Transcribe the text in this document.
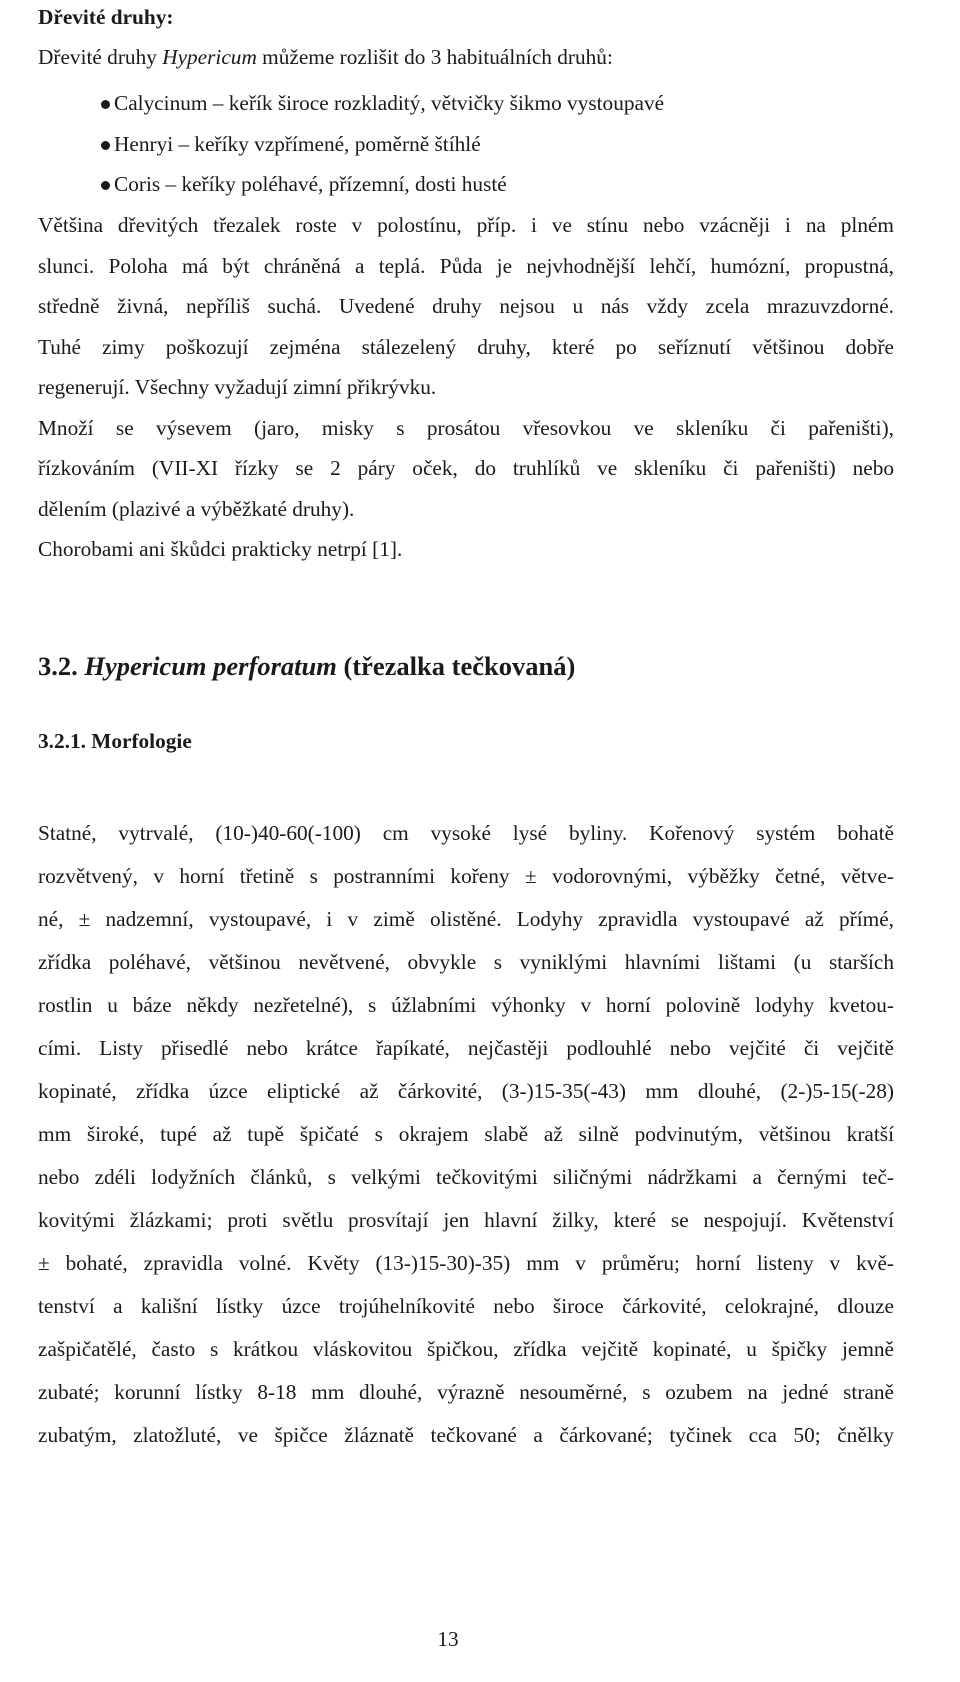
Dřevité druhy:
Dřevité druhy Hypericum můžeme rozlišit do 3 habituálních druhů:
Calycinum – keřík široce rozkladitý, větvičky šikmo vystoupavé
Henryi – keříky vzpřímené, poměrně štíhlé
Coris – keříky poléhavé, přízemní, dosti husté
Většina dřevitých třezalek roste v polostínu, příp. i ve stínu nebo vzácněji i na plném
slunci. Poloha má být chráněná a teplá. Půda je nejvhodnější lehčí, humózní, propustná,
středně živná, nepříliš suchá. Uvedené druhy nejsou u nás vždy zcela mrazuvzdorné.
Tuhé zimy poškozují zejména stálezelený druhy, které po seříznutí většinou dobře
regenerují. Všechny vyžadují zimní přikrývku.
Množí se výsevem (jaro, misky s prosátou vřesovkou ve skleníku či pařeništi),
řízkováním (VII-XI řízky se 2 páry oček, do truhlíků ve skleníku či pařeništi) nebo
dělením (plazivé a výběžkaté druhy).
Chorobami ani škůdci prakticky netrpí [1].
3.2. Hypericum perforatum (třezalka tečkovaná)
3.2.1. Morfologie
Statné, vytrvalé, (10-)40-60(-100) cm vysoké lysé byliny. Kořenový systém bohatě
rozvětvený, v horní třetině s postranními kořeny ± vodorovnými, výběžky četné, větve-
né, ± nadzemní, vystoupavé, i v zimě olistěné. Lodyhy zpravidla vystoupavé až přímé,
zřídka poléhavé, většinou nevětvené, obvykle s vyniklými hlavními lištami (u starších
rostlin u báze někdy nezřetelné), s úžlabními výhonky v horní polovině lodyhy kvetou-
cími. Listy přisedlé nebo krátce řapíkaté, nejčastěji podlouhlé nebo vejčité či vejčitě
kopinaté, zřídka úzce eliptické až čárkovité, (3-)15-35(-43) mm dlouhé, (2-)5-15(-28)
mm široké, tupé až tupě špičaté s okrajem slabě až silně podvinutým, většinou kratší
nebo zdéli lodyžních článků, s velkými tečkovitými siličnými nádržkami a černými teč-
kovitými žlázkami; proti světlu prosvítají jen hlavní žilky, které se nespojují. Květenství
± bohaté, zpravidla volné. Květy (13-)15-30)-35) mm v průměru; horní listeny v kvě-
tenství a kališní lístky úzce trojúhelníkovité nebo široce čárkovité, celokrajné, dlouze
zašpičatělé, často s krátkou vláskovitou špičkou, zřídka vejčitě kopinaté, u špičky jemně
zubaté; korunní lístky 8-18 mm dlouhé, výrazně nesouměrné, s ozubem na jedné straně
zubatým, zlatožluté, ve špičce žláznatě tečkované a čárkované; tyčinek cca 50; čnělky
13
